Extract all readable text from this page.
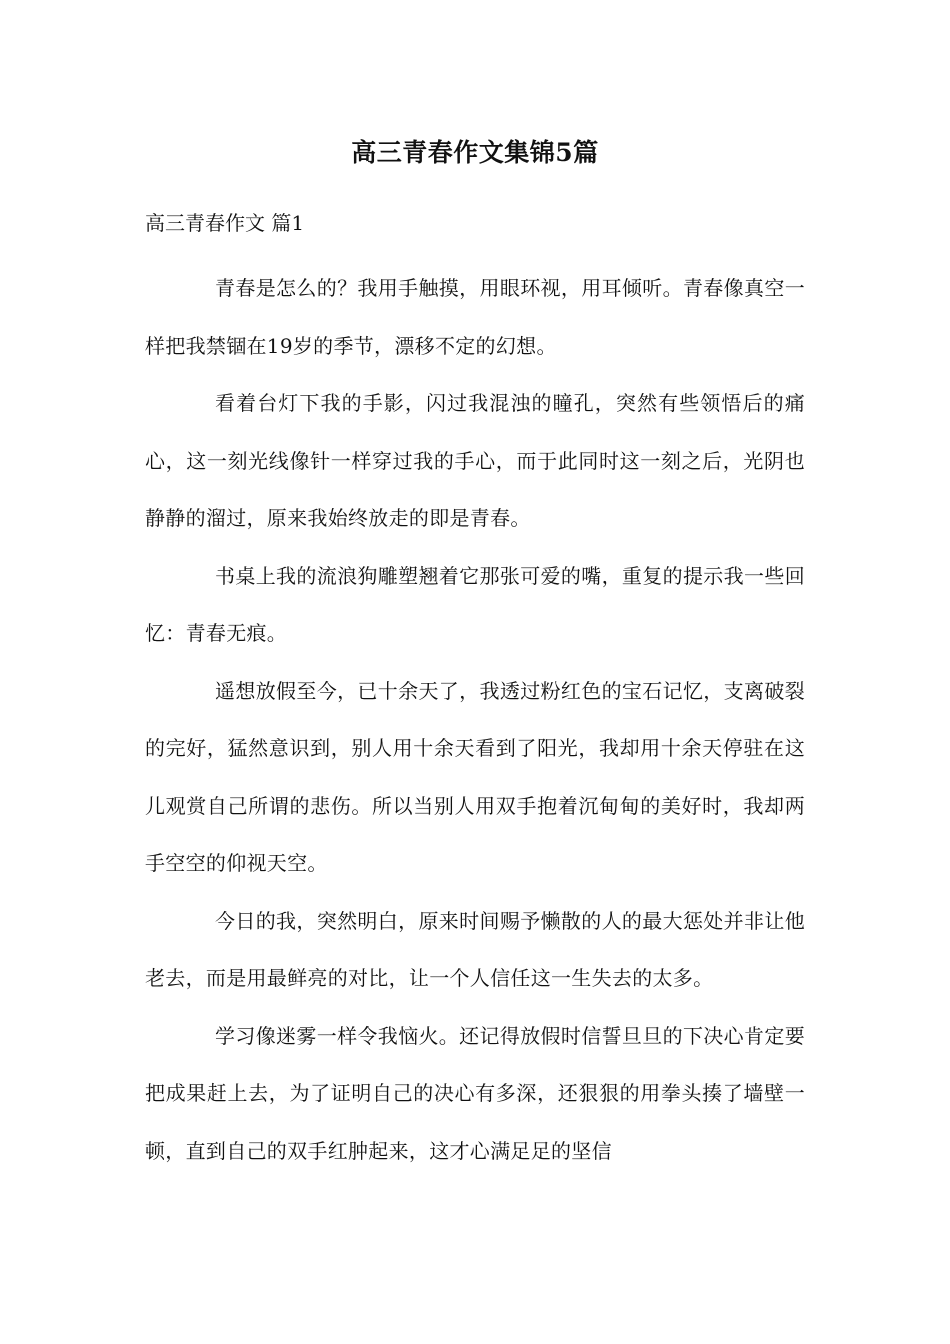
高三青春作文集锦5篇
高三青春作文 篇1

青春是怎么的？我用手触摸，用眼环视，用耳倾听。青春像真空一样把我禁锢在19岁的季节，漂移不定的幻想。

看着台灯下我的手影，闪过我混浊的瞳孔，突然有些领悟后的痛心，这一刻光线像针一样穿过我的手心，而于此同时这一刻之后，光阴也静静的溜过，原来我始终放走的即是青春。

书桌上我的流浪狗雕塑翘着它那张可爱的嘴，重复的提示我一些回忆：青春无痕。

遥想放假至今，已十余天了，我透过粉红色的宝石记忆，支离破裂的完好，猛然意识到，别人用十余天看到了阳光，我却用十余天停驻在这儿观赏自己所谓的悲伤。所以当别人用双手抱着沉甸甸的美好时，我却两手空空的仰视天空。

今日的我，突然明白，原来时间赐予懒散的人的最大惩处并非让他老去，而是用最鲜亮的对比，让一个人信任这一生失去的太多。

学习像迷雾一样令我恼火。还记得放假时信誓旦旦的下决心肯定要把成果赶上去，为了证明自己的决心有多深，还狠狠的用拳头揍了墙壁一顿，直到自己的双手红肿起来，这才心满足足的坚信
